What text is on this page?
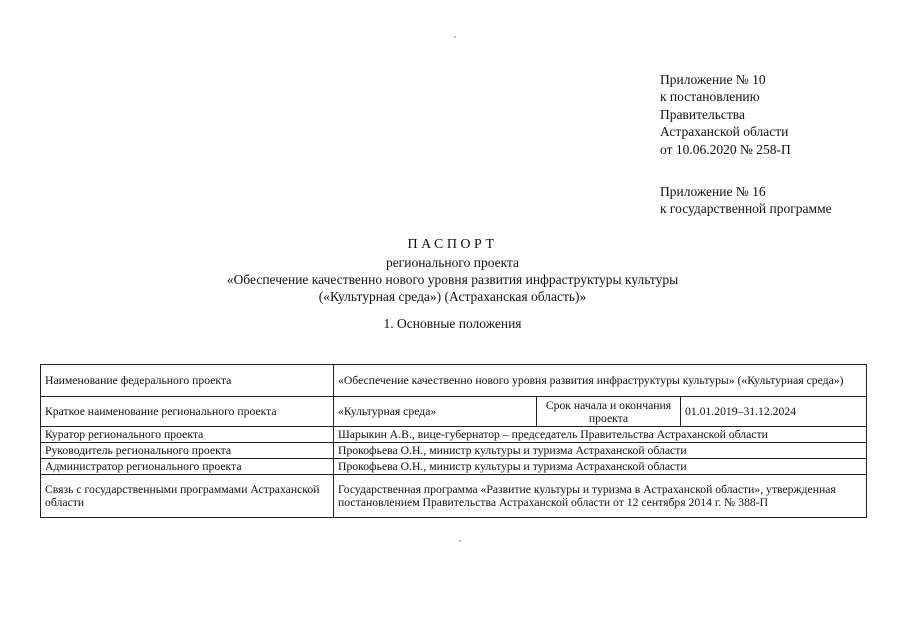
Приложение № 10
к постановлению
Правительства
Астраханской области
от 10.06.2020 № 258-П
Приложение № 16
к государственной программе
ПАСПОРТ
регионального проекта
«Обеспечение качественно нового уровня развития инфраструктуры культуры
(«Культурная среда») (Астраханская область)»
1. Основные положения
Наименование федерального проекта	«Обеспечение качественно нового уровня развития инфраструктуры культуры» («Культурная среда»)		
Краткое наименование регионального проекта	«Культурная среда»	Срок начала и окончания проекта	01.01.2019–31.12.2024
Куратор регионального проекта	Шарыкин А.В., вице-губернатор – председатель Правительства Астраханской области		
Руководитель регионального проекта	Прокофьева О.Н., министр культуры и туризма Астраханской области		
Администратор регионального проекта	Прокофьева О.Н., министр культуры и туризма Астраханской области		
Связь с государственными программами Астраханской области	Государственная программа «Развитие культуры и туризма в Астраханской области», утвержденная постановлением Правительства Астраханской области от 12 сентября 2014 г. № 388-П		
